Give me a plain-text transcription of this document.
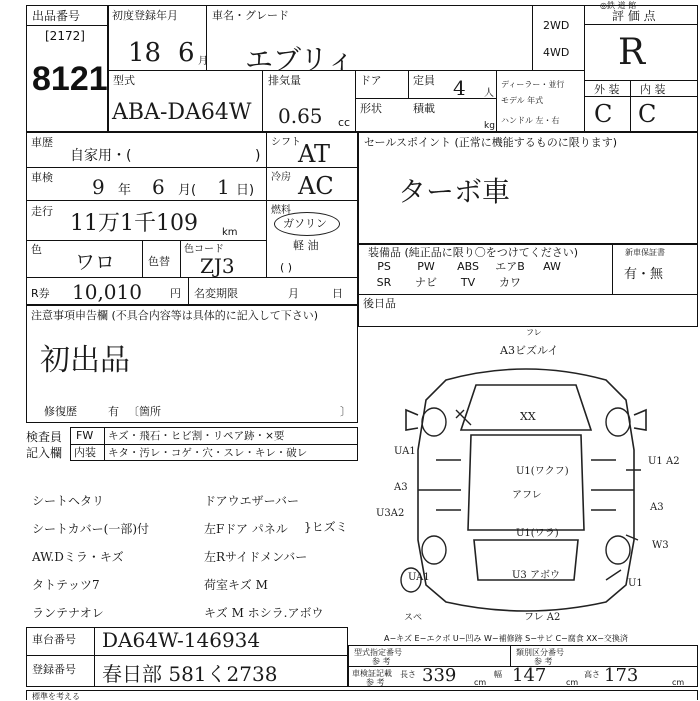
出品番号
[2172]
8121
初度登録年月
18 6 月
車名・グレード
エブリィ
2WD
4WD
◎鉄 道 館
評 価 点
R
外 装 内 装
C C
型式
ABA-DA64W
排気量
0.65 cc
ドア	定員 4 人
形状	積載
kg
ディーラー・並行
モデル 年式
ハンドル 左・右
車歴
自家用・(	)
シフト
AT
車検 9 年 6 月( 1 日)
冷房 AC
走行 11万1千109 km
燃料
ガソリン
軽 油
( )
色
ワロ	色替
色コード
ZJ3
R券 10,010	円 名変期限	月	日
セールスポイント (正常に機能するものに限ります)
ターボ車
装備品 (純正品に限り〇をつけてください)	新車保証書
有・無
PS	PW	ABS	エアB	AW
SR	ナビ	TV	カワ
後日品
注意事項申告欄 (不具合内容等は具体的に記入して下さい)
初出品
修復歴	有 〔箇所	〕
検査員
記入欄
FW キズ・飛石・ヒビ割・リペア跡・×要
内装 キタ・汚レ・コゲ・穴・スレ・キレ・破レ
シートヘタリ
シートカバー(一部)付
AW.Dミラ・キズ
タトテッツ7
ランテナオレ
ドアウエザーバー
左Fドア パネル
左Rサイドメンバー
荷室キズ M
キズ M ホシラ.アボウ
}ヒズミ
フレ
A3ビズルイ
XX
UA1
A3
U3A2
U1(ワクフ)
アフレ
U1(ワラ)
U3 アボウ
UA1
U1 A2
A3
W3
U1
フレ A2
スペ
A−キズ E−エクボ U−凹み W−補修跡 S−サビ C−腐食 XX−交換済
車台番号 DA64W-146934
登録番号 春日部 581く2738
型式指定番号
参 考
類別区分番号
参 考
車検証記載
参 考
長さ 339 cm
幅 147 cm
高さ 173	cm
標準を考える
